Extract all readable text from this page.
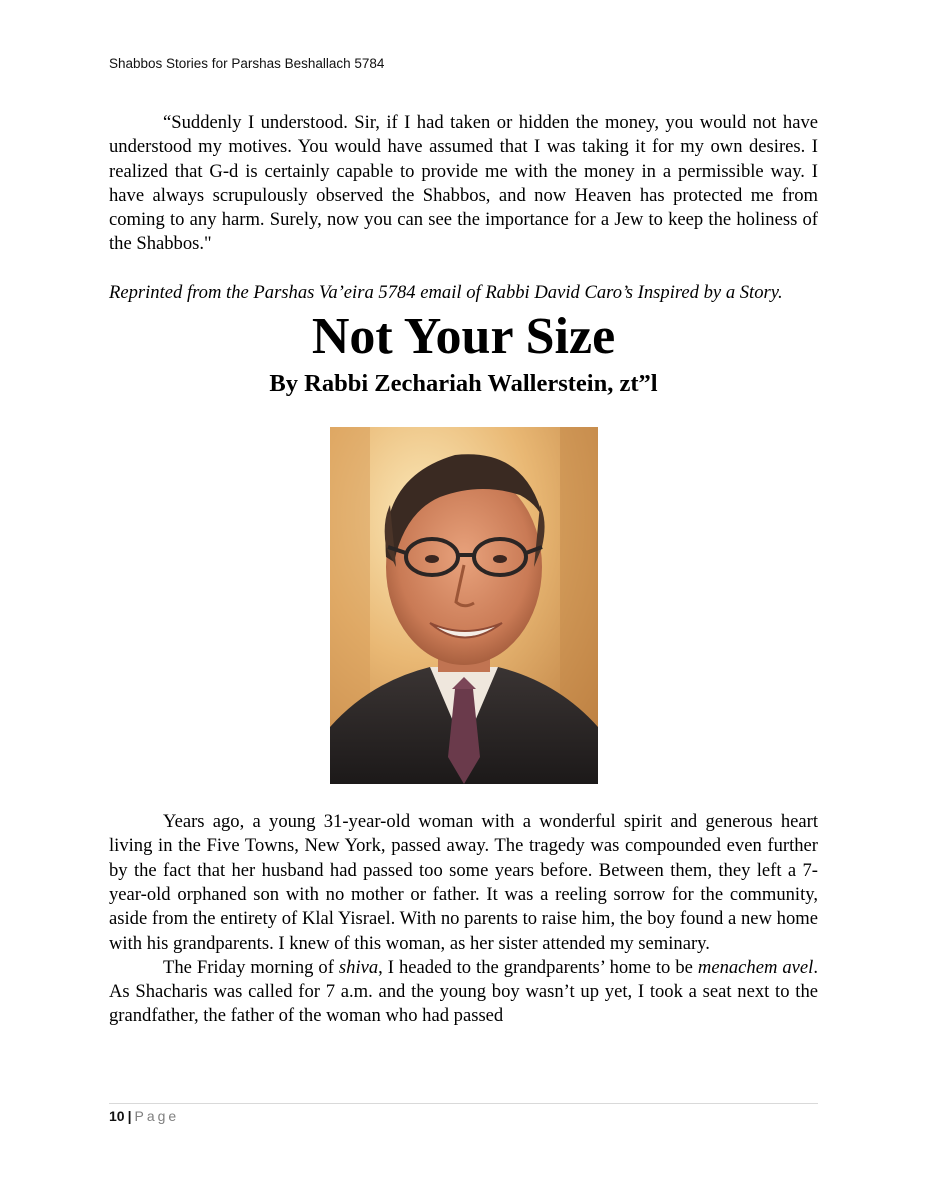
Shabbos Stories for Parshas Beshallach 5784

“Suddenly I understood. Sir, if I had taken or hidden the money, you would not have understood my motives. You would have assumed that I was taking it for my own desires. I realized that G-d is certainly capable to provide me with the money in a permissible way. I have always scrupulously observed the Shabbos, and now Heaven has protected me from coming to any harm. Surely, now you can see the importance for a Jew to keep the holiness of the Shabbos."

Reprinted from the Parshas Va’eira 5784 email of Rabbi David Caro’s Inspired by a Story.

Not Your Size
By Rabbi Zechariah Wallerstein, zt”l

Years ago, a young 31-year-old woman with a wonderful spirit and generous heart living in the Five Towns, New York, passed away. The tragedy was compounded even further by the fact that her husband had passed too some years before. Between them, they left a 7-year-old orphaned son with no mother or father. It was a reeling sorrow for the community, aside from the entirety of Klal Yisrael. With no parents to raise him, the boy found a new home with his grandparents. I knew of this woman, as her sister attended my seminary.

The Friday morning of shiva, I headed to the grandparents’ home to be menachem avel. As Shacharis was called for 7 a.m. and the young boy wasn’t up yet, I took a seat next to the grandfather, the father of the woman who had passed

10 | Page
